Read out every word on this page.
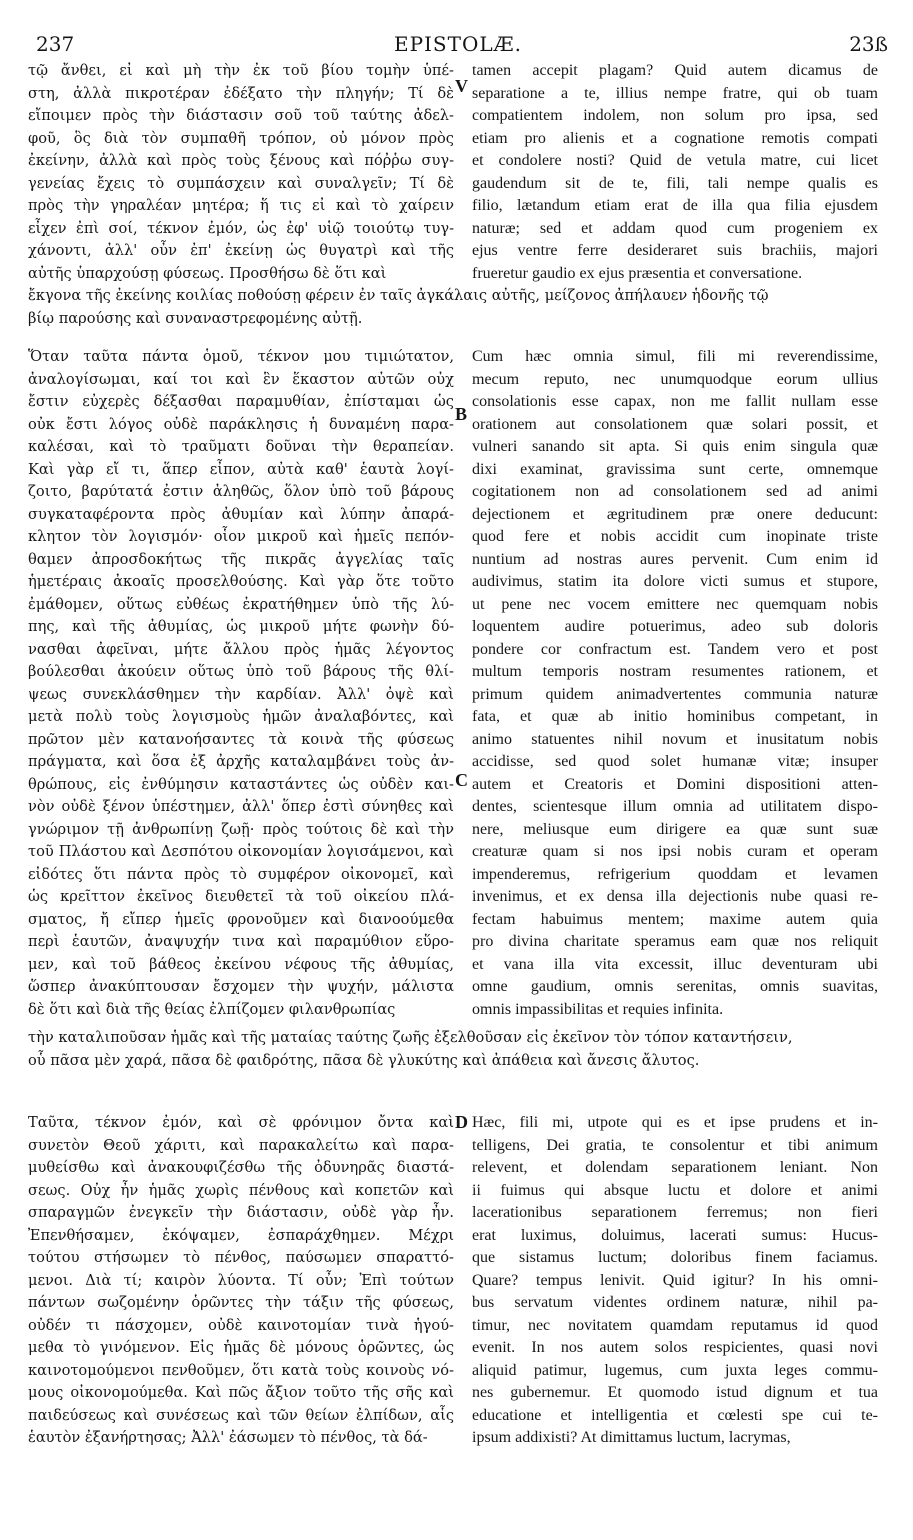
237	EPISTOLÆ.	23ß
τῷ ἄνθει, εἰ καὶ μὴ τὴν ἐκ τοῦ βίου τομὴν ὑπέ-
στη, ἀλλὰ πικροτέραν ἐδέξατο τὴν πληγήν; Τί δὲ
εἴποιμεν πρὸς τὴν διάστασιν σοῦ τοῦ ταύτης ἀδελ-
φοῦ, ὃς διὰ τὸν συμπαθῆ τρόπον, οὐ μόνον πρὸς
ἐκείνην, ἀλλὰ καὶ πρὸς τοὺς ξένους καὶ πόῤῥω συγ-
γενείας ἔχεις τὸ συμπάσχειν καὶ συναλγεῖν; Τί δὲ
πρὸς τὴν γηραλέαν μητέρα; ἥ τις εἰ καὶ τὸ χαίρειν
εἶχεν ἐπὶ σοί, τέκνον ἐμόν, ὡς ἐφ' υἱῷ τοιούτῳ τυγ-
χάνοντι, ἀλλ' οὖν ἐπ' ἐκείνῃ ὡς θυγατρὶ καὶ τῆς
αὐτῆς ὑπαρχούσῃ φύσεως. Προσθήσω δὲ ὅτι καὶ
tamen accepit plagam? Quid autem dicamus de
separatione a te, illius nempe fratre, qui ob tuam
compatientem indolem, non solum pro ipsa, sed
etiam pro alienis et a cognatione remotis compati
et condolere nosti? Quid de vetula matre, cui licet
gaudendum sit de te, fili, tali nempe qualis es
filio, lætandum etiam erat de illa qua filia ejusdem
naturæ; sed et addam quod cum progeniem ex
ejus ventre ferre desideraret suis brachiis, majori
frueretur gaudio ex ejus præsentia et conversatione.
ἔκγονα τῆς ἐκείνης κοιλίας ποθούσῃ φέρειν ἐν ταῖς ἀγκάλαις αὐτῆς, μείζονος ἀπήλαυεν ἡδονῆς τῷ
βίῳ παρούσης καὶ συναναστρεφομένης αὐτῇ.
Ὅταν ταῦτα πάντα ὁμοῦ, τέκνον μου τιμιώτατον,
ἀναλογίσωμαι, καί τοι καὶ ἓν ἕκαστον αὐτῶν οὐχ
ἔστιν εὐχερὲς δέξασθαι παραμυθίαν, ἐπίσταμαι ὡς
οὐκ ἔστι λόγος οὐδὲ παράκλησις ἡ δυναμένη παρα-
καλέσαι, καὶ τὸ τραῦματι δοῦναι τὴν θεραπείαν.
Καὶ γὰρ εἴ τι, ἅπερ εἶπον, αὐτὰ καθ' ἑαυτὰ λογί-
ζοιτο, βαρύτατά ἐστιν ἀληθῶς, ὅλον ὑπὸ τοῦ βάρους
συγκαταφέροντα πρὸς ἀθυμίαν καὶ λύπην ἀπαρά-
κλητον τὸν λογισμόν· οἷον μικροῦ καὶ ἡμεῖς πεπόν-
θαμεν ἀπροσδοκήτως τῆς πικρᾶς ἀγγελίας ταῖς
ἡμετέραις ἀκοαῖς προσελθούσης. Καὶ γὰρ ὅτε τοῦτο
ἐμάθομεν, οὕτως εὐθέως ἐκρατήθημεν ὑπὸ τῆς λύ-
πης, καὶ τῆς ἀθυμίας, ὡς μικροῦ μήτε φωνὴν δύ-
νασθαι ἀφεῖναι, μήτε ἄλλου πρὸς ἡμᾶς λέγοντος
βούλεσθαι ἀκούειν οὕτως ὑπὸ τοῦ βάρους τῆς θλί-
ψεως συνεκλάσθημεν τὴν καρδίαν. Ἀλλ' ὀψὲ καὶ
μετὰ πολὺ τοὺς λογισμοὺς ἡμῶν ἀναλαβόντες, καὶ
πρῶτον μὲν κατανοήσαντες τὰ κοινὰ τῆς φύσεως
πράγματα, καὶ ὅσα ἐξ ἀρχῆς καταλαμβάνει τοὺς ἀν-
θρώπους, εἰς ἐνθύμησιν καταστάντες ὡς οὐδὲν και-
νὸν οὐδὲ ξένον ὑπέστημεν, ἀλλ' ὅπερ ἐστὶ σύνηθες καὶ
γνώριμον τῇ ἀνθρωπίνῃ ζωῇ· πρὸς τούτοις δὲ καὶ τὴν
τοῦ Πλάστου καὶ Δεσπότου οἰκονομίαν λογισάμενοι, καὶ
εἰδότες ὅτι πάντα πρὸς τὸ συμφέρον οἰκονομεῖ, καὶ
ὡς κρεῖττον ἐκεῖνος διευθετεῖ τὰ τοῦ οἰκείου πλά-
σματος, ἤ εἴπερ ἡμεῖς φρονοῦμεν καὶ διανοούμεθα
περὶ ἑαυτῶν, ἀναψυχήν τινα καὶ παραμύθιον εὕρο-
μεν, καὶ τοῦ βάθεος ἐκείνου νέφους τῆς ἀθυμίας,
ὥσπερ ἀνακύπτουσαν ἔσχομεν τὴν ψυχήν, μάλιστα
δὲ ὅτι καὶ διὰ τῆς θείας ἐλπίζομεν φιλανθρωπίας
Cum hæc omnia simul, fili mi reverendissime,
mecum reputo, nec unumquodque eorum ullius
consolationis esse capax, non me fallit nullam esse
orationem aut consolationem quæ solari possit, et
vulneri sanando sit apta. Si quis enim singula quæ
dixi examinat, gravissima sunt certe, omnemque
cogitationem non ad consolationem sed ad animi
dejectionem et ægritudinem præ onere deducunt:
quod fere et nobis accidit cum inopinate triste
nuntium ad nostras aures pervenit. Cum enim id
audivimus, statim ita dolore victi sumus et stupore,
ut pene nec vocem emittere nec quemquam nobis
loquentem audire potuerimus, adeo sub doloris
pondere cor confractum est. Tandem vero et post
multum temporis nostram resumentes rationem, et
primum quidem animadvertentes communia naturæ
fata, et quæ ab initio hominibus competant, in
animo statuentes nihil novum et inusitatum nobis
accidisse, sed quod solet humanæ vitæ; insuper
autem et Creatoris et Domini dispositioni atten-
dentes, scientesque illum omnia ad utilitatem dispo-
nere, meliusque eum dirigere ea quæ sunt suæ
creaturæ quam si nos ipsi nobis curam et operam
impenderemus, refrigerium quoddam et levamen
invenimus, et ex densa illa dejectionis nube quasi re-
fectam habuimus mentem; maxime autem quia
pro divina charitate speramus eam quæ nos reliquit
et vana illa vita excessit, illuc deventuram ubi
omne gaudium, omnis serenitas, omnis suavitas,
omnis impassibilitas et requies infinita.
τὴν καταλιποῦσαν ἡμᾶς καὶ τῆς ματαίας ταύτης ζωῆς ἐξελθοῦσαν εἰς ἐκεῖνον τὸν τόπον καταντήσειν,
οὗ πᾶσα μὲν χαρά, πᾶσα δὲ φαιδρότης, πᾶσα δὲ γλυκύτης καὶ ἀπάθεια καὶ ἄνεσις ἄλυτος.
Ταῦτα, τέκνον ἐμόν, καὶ σὲ φρόνιμον ὄντα καὶ
συνετὸν Θεοῦ χάριτι, καὶ παρακαλείτω καὶ παρα-
μυθείσθω καὶ ἀνακουφιζέσθω τῆς ὀδυνηρᾶς διαστά-
σεως. Οὐχ ἦν ἡμᾶς χωρὶς πένθους καὶ κοπετῶν καὶ
σπαραγμῶν ἐνεγκεῖν τὴν διάστασιν, οὐδὲ γὰρ ἦν.
Ἐπενθήσαμεν, ἐκόψαμεν, ἐσπαράχθημεν. Μέχρι
τούτου στήσωμεν τὸ πένθος, παύσωμεν σπαραττό-
μενοι. Διὰ τί; καιρὸν λύοντα. Τί οὖν; Ἐπὶ τούτων
πάντων σωζομένην ὁρῶντες τὴν τάξιν τῆς φύσεως,
οὐδέν τι πάσχομεν, οὐδὲ καινοτομίαν τινὰ ἡγού-
μεθα τὸ γινόμενον. Εἰς ἡμᾶς δὲ μόνους ὁρῶντες, ὡς
καινοτομούμενοι πενθοῦμεν, ὅτι κατὰ τοὺς κοινοὺς νό-
μους οἰκονομούμεθα. Καὶ πῶς ἄξιον τοῦτο τῆς σῆς καὶ
παιδεύσεως καὶ συνέσεως καὶ τῶν θείων ἐλπίδων, αἷς
ἑαυτὸν ἐξανήρτησας; Ἀλλ' ἐάσωμεν τὸ πένθος, τὰ δά-
Hæc, fili mi, utpote qui es et ipse prudens et in-
telligens, Dei gratia, te consolentur et tibi animum
relevent, et dolendam separationem leniant. Non
ii fuimus qui absque luctu et dolore et animi
lacerationibus separationem ferremus; non fieri
erat luximus, doluimus, lacerati sumus: Hucus-
que sistamus luctum; doloribus finem faciamus.
Quare? tempus lenivit. Quid igitur? In his omni-
bus servatum videntes ordinem naturæ, nihil pa-
timur, nec novitatem quamdam reputamus id quod
evenit. In nos autem solos respicientes, quasi novi
aliquid patimur, lugemus, cum juxta leges commu-
nes gubernemur. Et quomodo istud dignum et tua
educatione et intelligentia et cœlesti spe cui te-
ipsum addixisti? At dimittamus luctum, lacrymas,
V
B
C
D
